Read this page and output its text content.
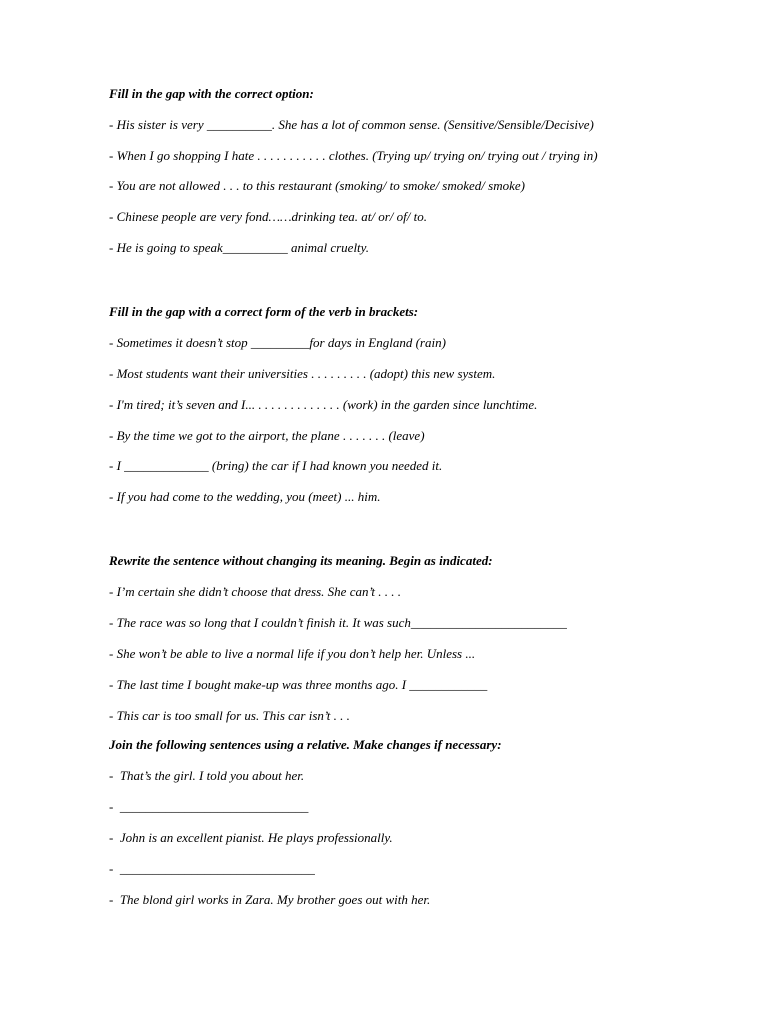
Fill in the gap with the correct option:

- His sister is very __________. She has a lot of common sense. (Sensitive/Sensible/Decisive)

- When I go shopping I hate . . . . . . . . . . . clothes. (Trying up/ trying on/ trying out / trying in)

- You are not allowed . . . to this restaurant (smoking/ to smoke/ smoked/ smoke)

- Chinese people are very fond……drinking tea. at/ or/ of/ to.

- He is going to speak__________ animal cruelty.

Fill in the gap with a correct form of the verb in brackets:

- Sometimes it doesn’t stop _________for days in England (rain)

- Most students want their universities . . . . . . . . . (adopt) this new system.

- I'm tired; it’s seven and I... . . . . . . . . . . . . . (work) in the garden since lunchtime.

- By the time we got to the airport, the plane . . . . . . . (leave)

- I _____________ (bring) the car if I had known you needed it.

- If you had come to the wedding, you (meet) ... him.

Rewrite the sentence without changing its meaning. Begin as indicated:

- I’m certain she didn’t choose that dress. She can’t . . . .

- The race was so long that I couldn’t finish it. It was such________________________

- She won’t be able to live a normal life if you don’t help her. Unless ...

- The last time I bought make-up was three months ago. I ____________

- This car is too small for us. This car isn’t . . .

Join the following sentences using a relative. Make changes if necessary:

-  That’s the girl. I told you about her.

-  _____________________________

-  John is an excellent pianist. He plays professionally.

-  ______________________________

-  The blond girl works in Zara. My brother goes out with her.
